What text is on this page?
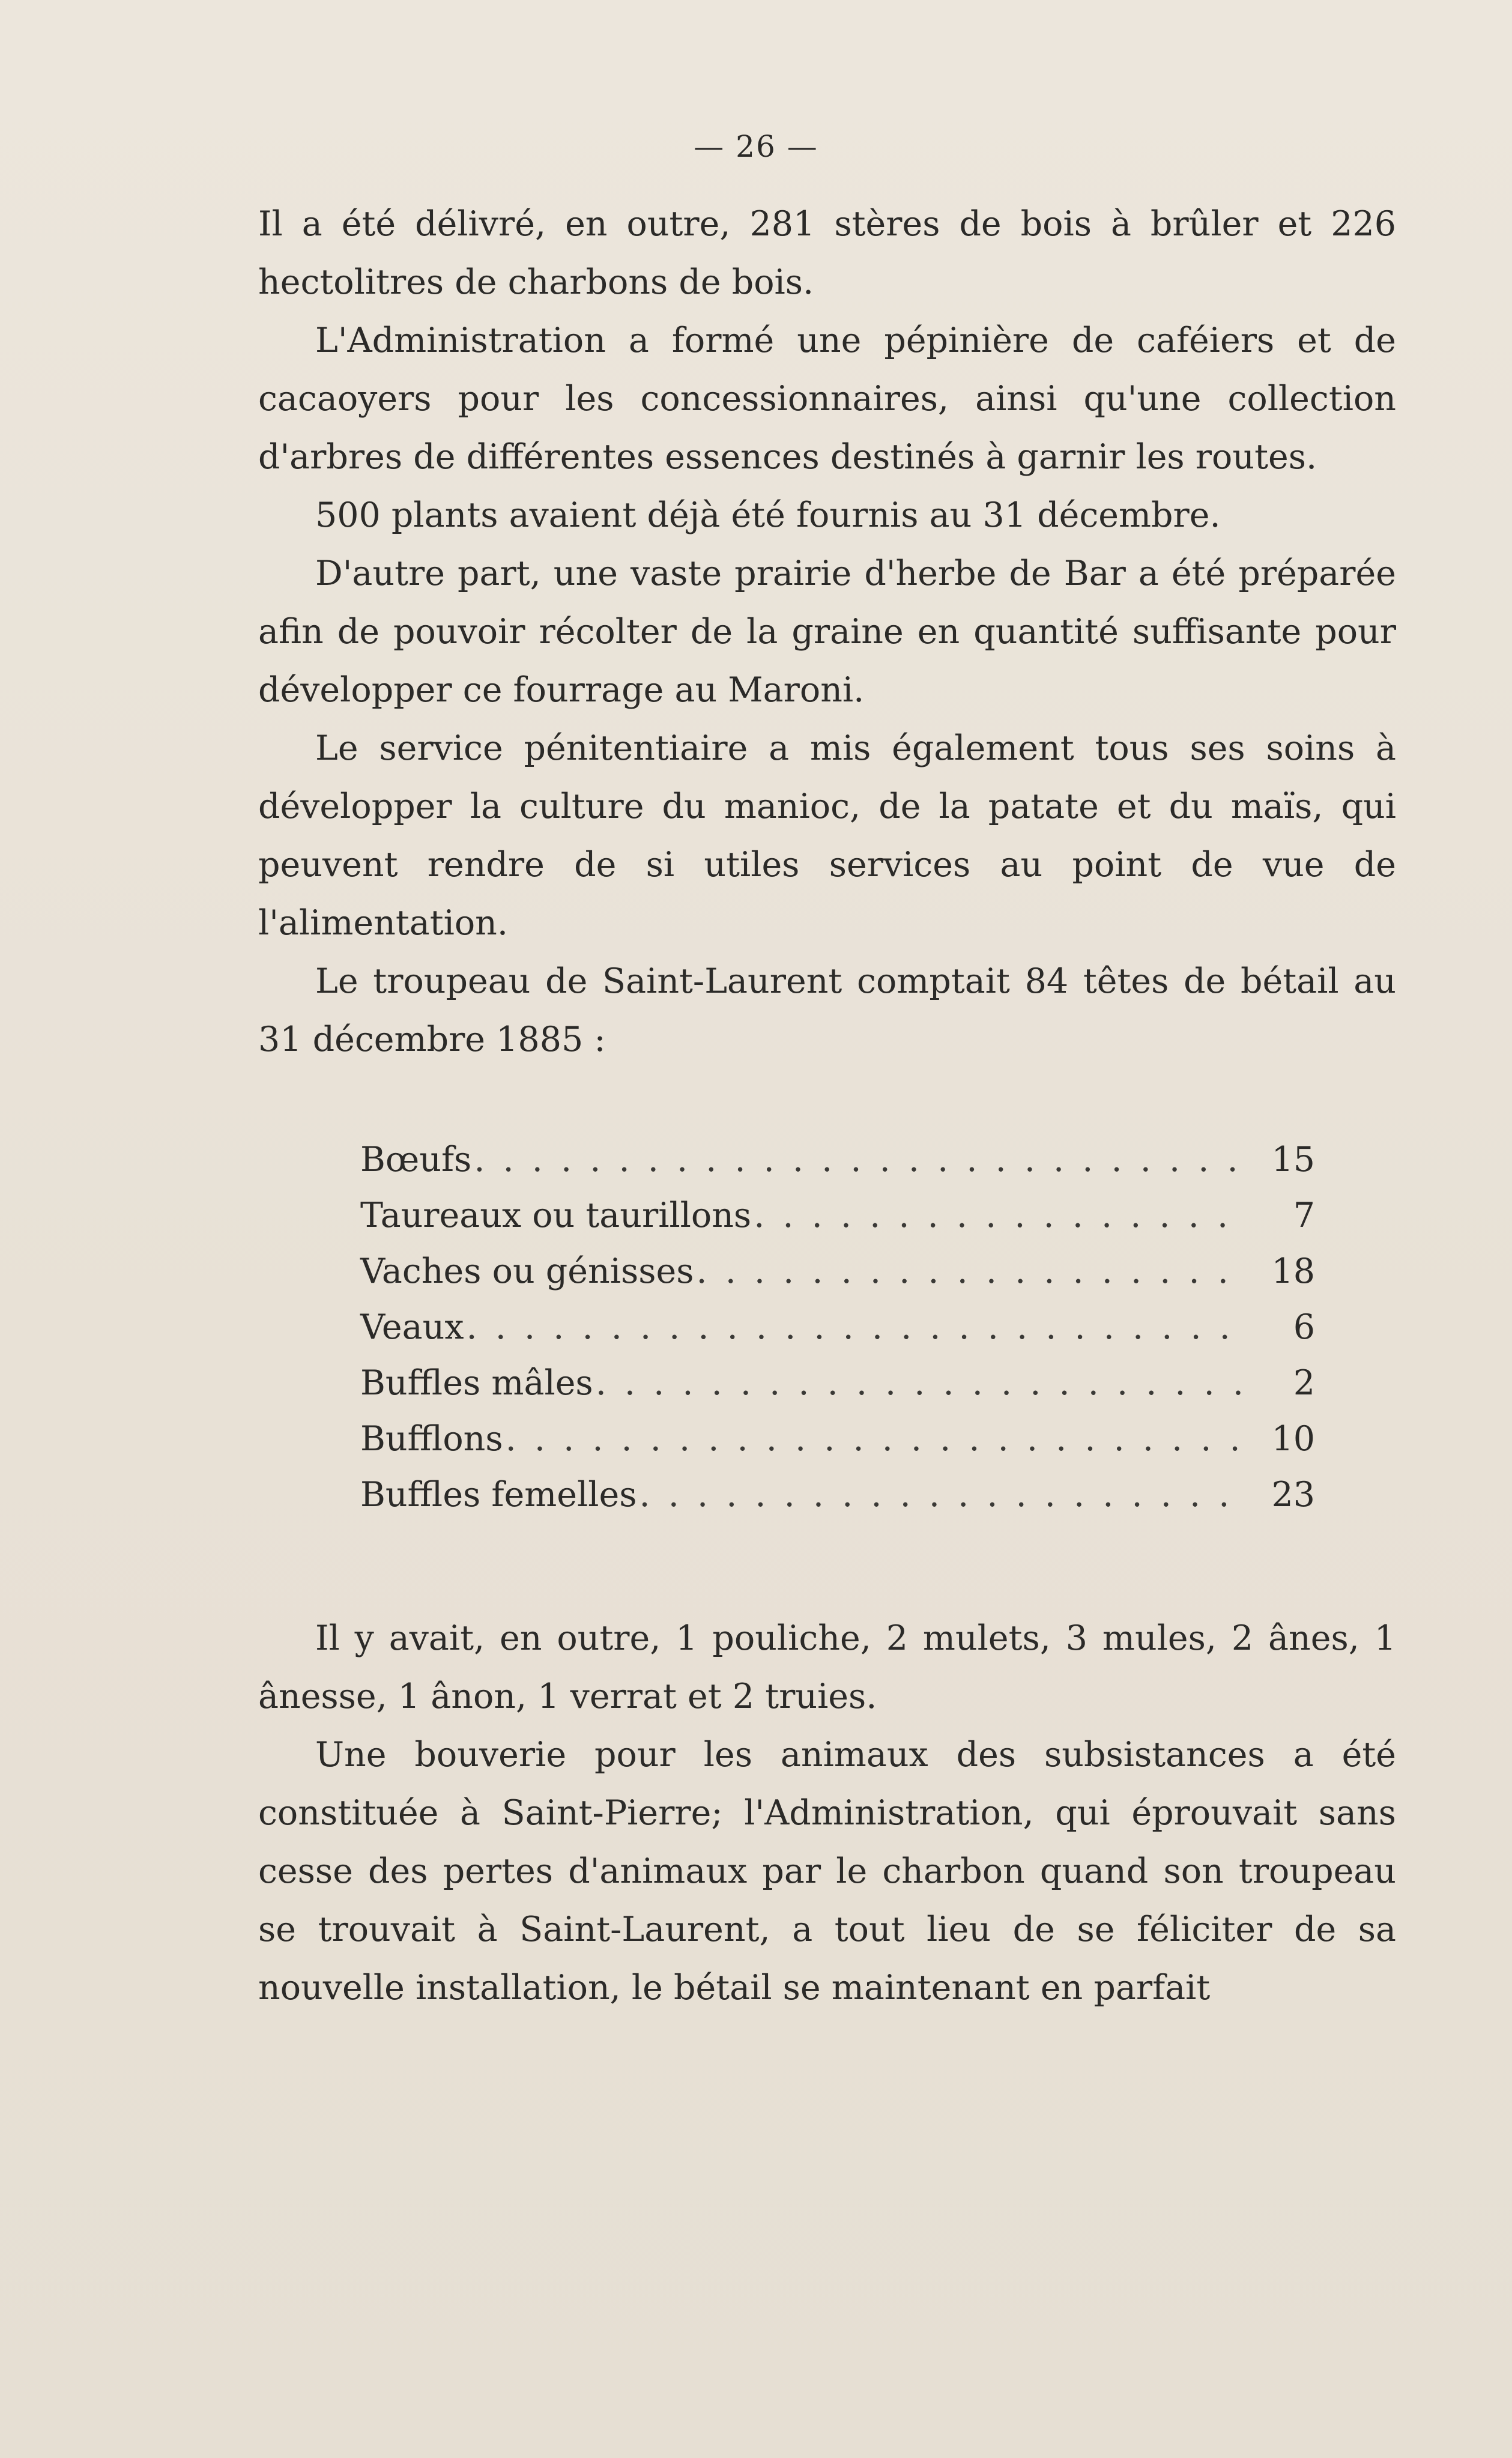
— 26 —

Il a été délivré, en outre, 281 stères de bois à brûler et 226 hectolitres de charbons de bois.

L'Administration a formé une pépinière de caféiers et de cacaoyers pour les concessionnaires, ainsi qu'une collection d'arbres de différentes essences destinés à garnir les routes.

500 plants avaient déjà été fournis au 31 décembre.

D'autre part, une vaste prairie d'herbe de Bar a été préparée afin de pouvoir récolter de la graine en quantité suffisante pour développer ce fourrage au Maroni.

Le service pénitentiaire a mis également tous ses soins à développer la culture du manioc, de la patate et du maïs, qui peuvent rendre de si utiles services au point de vue de l'alimentation.

Le troupeau de Saint-Laurent comptait 84 têtes de bétail au 31 décembre 1885 :

Bœufs . . .	15
Taureaux ou taurillons . . .	7
Vaches ou génisses . . .	18
Veaux . . .	6
Buffles mâles . . .	2
Bufflons . . .	10
Buffles femelles . . .	23

Il y avait, en outre, 1 pouliche, 2 mulets, 3 mules, 2 ânes, 1 ânesse, 1 ânon, 1 verrat et 2 truies.

Une bouverie pour les animaux des subsistances a été constituée à Saint-Pierre; l'Administration, qui éprouvait sans cesse des pertes d'animaux par le charbon quand son troupeau se trouvait à Saint-Laurent, a tout lieu de se féliciter de sa nouvelle installation, le bétail se maintenant en parfait
